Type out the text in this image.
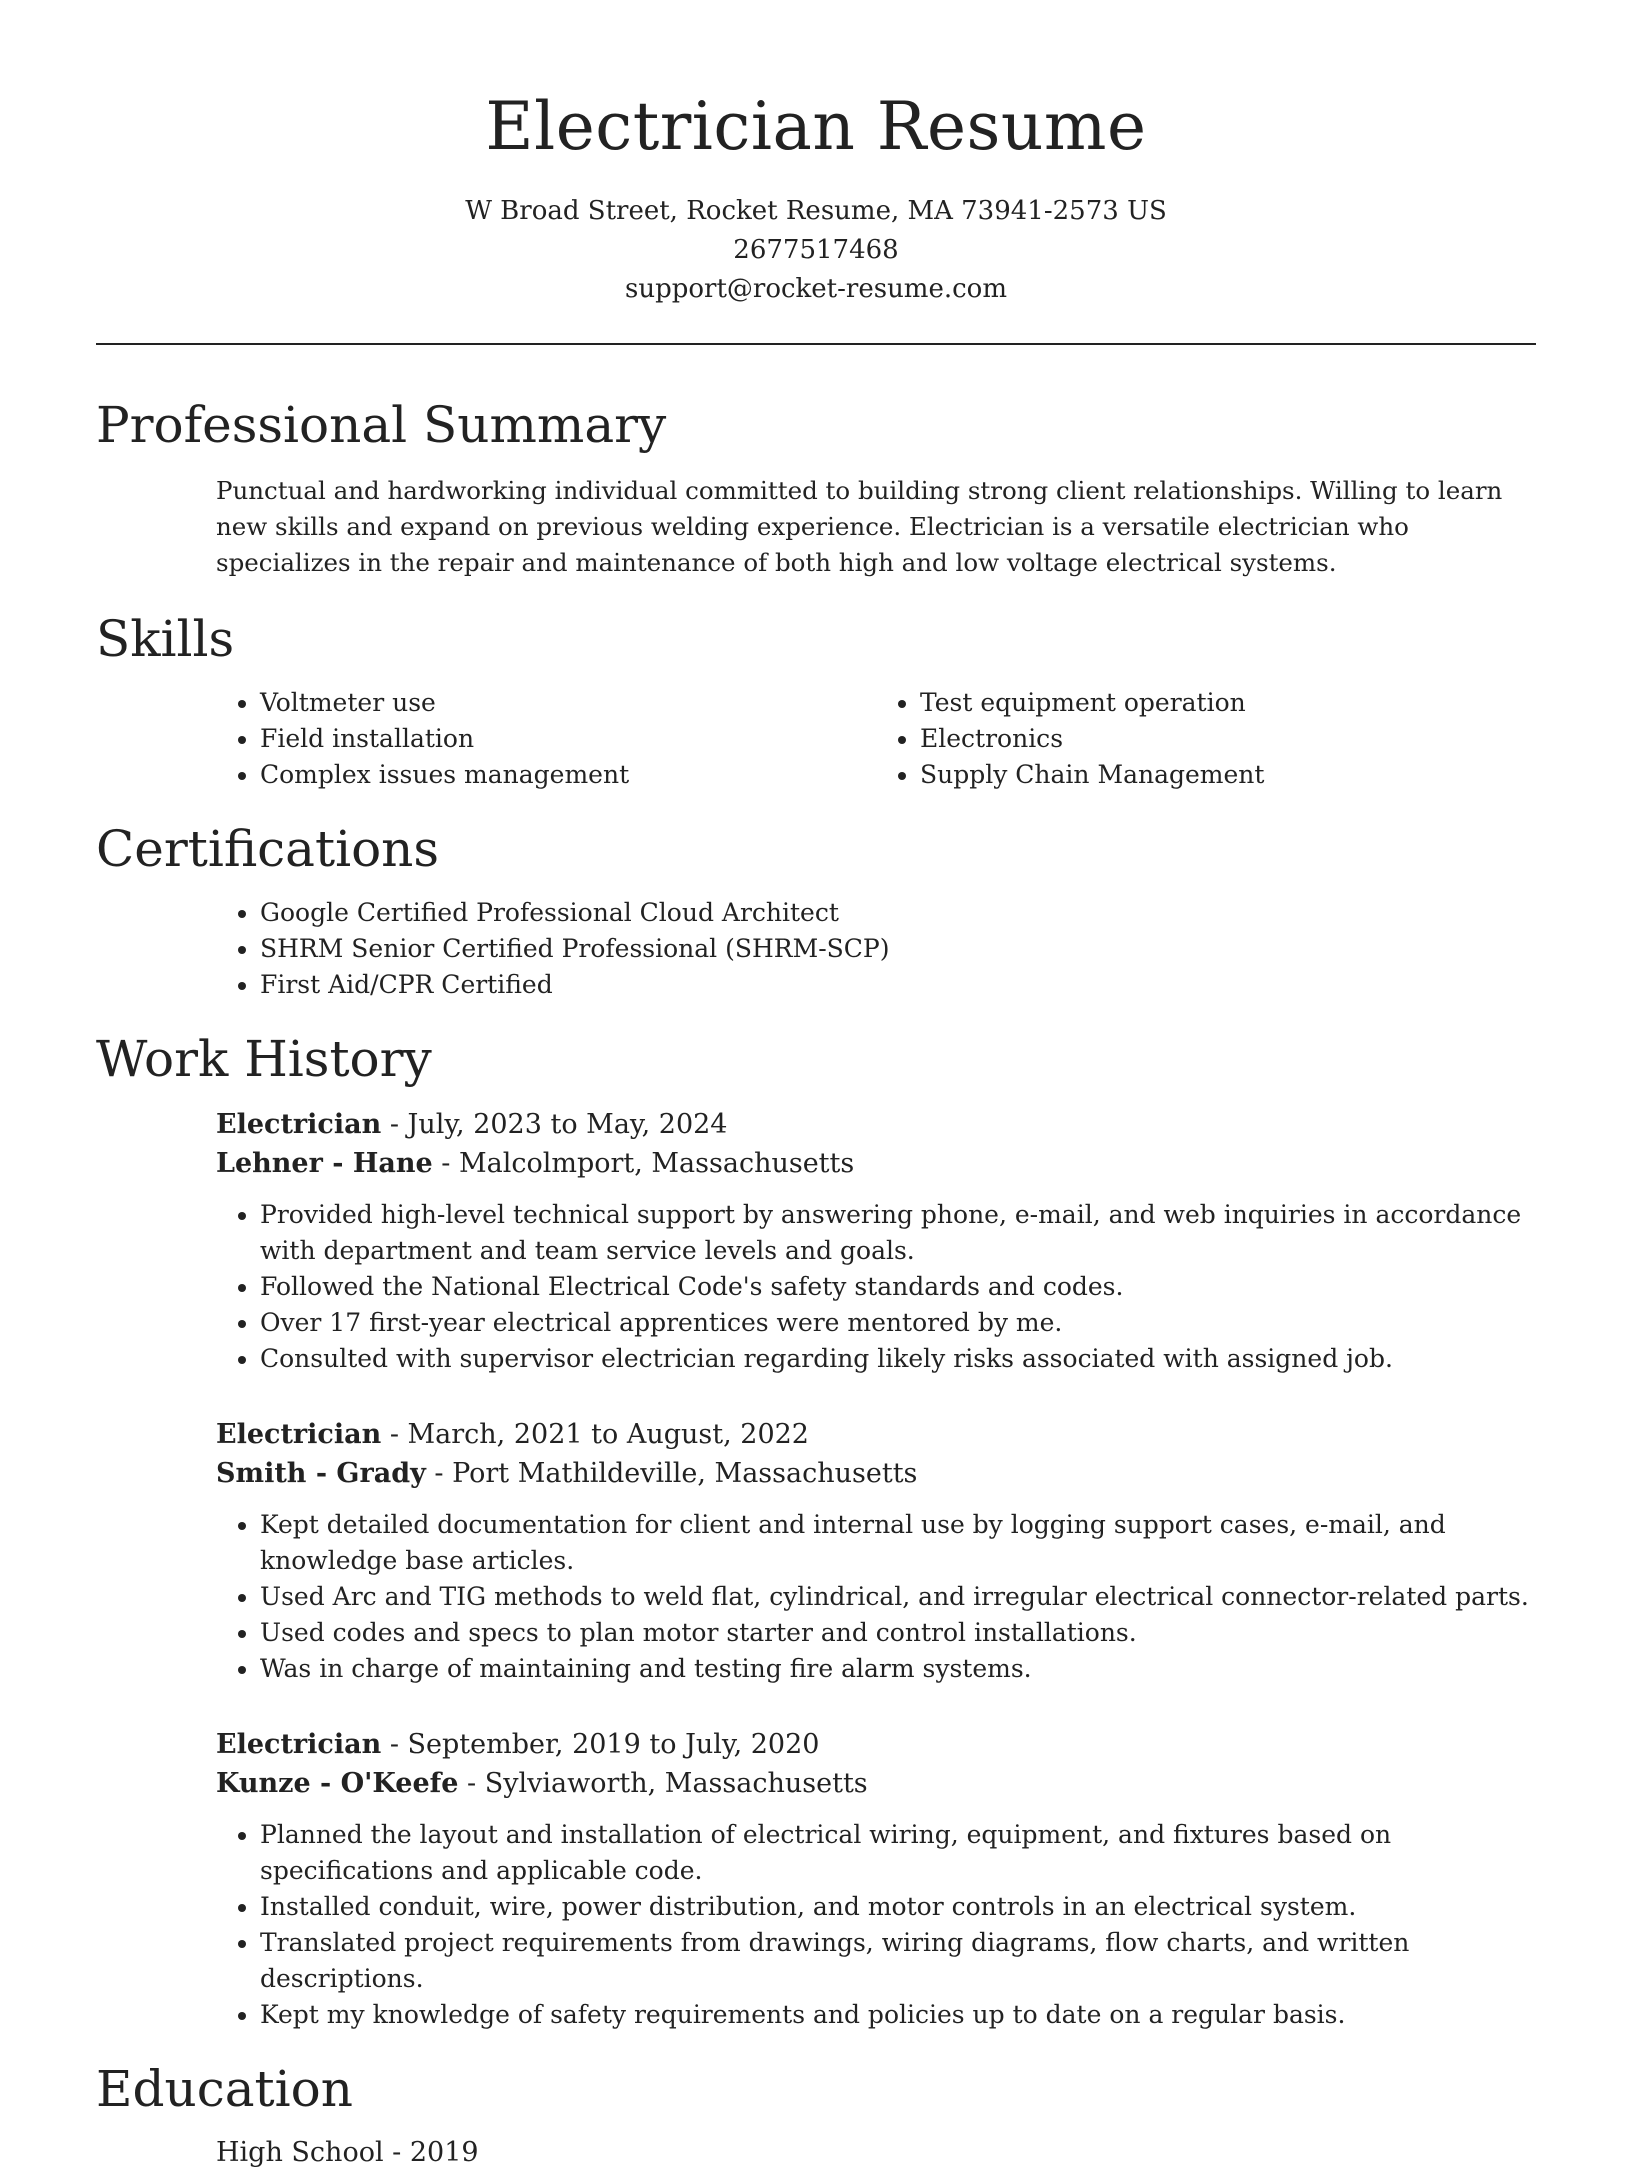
Electrician Resume
W Broad Street, Rocket Resume, MA 73941-2573 US
2677517468
support@rocket-resume.com
Professional Summary
Punctual and hardworking individual committed to building strong client relationships. Willing to learn new skills and expand on previous welding experience. Electrician is a versatile electrician who specializes in the repair and maintenance of both high and low voltage electrical systems.
Skills
• Voltmeter use
• Field installation
• Complex issues management
• Test equipment operation
• Electronics
• Supply Chain Management
Certifications
• Google Certified Professional Cloud Architect
• SHRM Senior Certified Professional (SHRM-SCP)
• First Aid/CPR Certified
Work History
Electrician - July, 2023 to May, 2024
Lehner - Hane - Malcolmport, Massachusetts
• Provided high-level technical support by answering phone, e-mail, and web inquiries in accordance with department and team service levels and goals.
• Followed the National Electrical Code's safety standards and codes.
• Over 17 first-year electrical apprentices were mentored by me.
• Consulted with supervisor electrician regarding likely risks associated with assigned job.
Electrician - March, 2021 to August, 2022
Smith - Grady - Port Mathildeville, Massachusetts
• Kept detailed documentation for client and internal use by logging support cases, e-mail, and knowledge base articles.
• Used Arc and TIG methods to weld flat, cylindrical, and irregular electrical connector-related parts.
• Used codes and specs to plan motor starter and control installations.
• Was in charge of maintaining and testing fire alarm systems.
Electrician - September, 2019 to July, 2020
Kunze - O'Keefe - Sylviaworth, Massachusetts
• Planned the layout and installation of electrical wiring, equipment, and fixtures based on specifications and applicable code.
• Installed conduit, wire, power distribution, and motor controls in an electrical system.
• Translated project requirements from drawings, wiring diagrams, flow charts, and written descriptions.
• Kept my knowledge of safety requirements and policies up to date on a regular basis.
Education
High School - 2019
